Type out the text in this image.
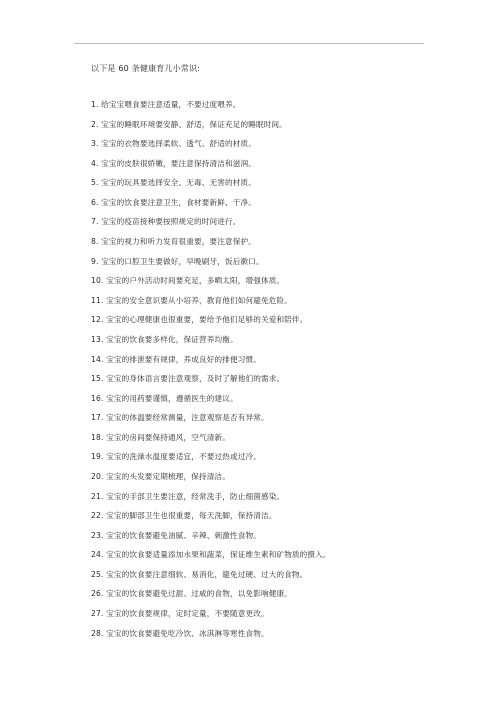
以下是 60 条健康育儿小常识:
1. 给宝宝喂食要注意适量，不要过度喂养。
2. 宝宝的睡眠环境要安静、舒适，保证充足的睡眠时间。
3. 宝宝的衣物要选择柔软、透气、舒适的材质。
4. 宝宝的皮肤很娇嫩，要注意保持清洁和滋润。
5. 宝宝的玩具要选择安全、无毒、无害的材质。
6. 宝宝的饮食要注意卫生，食材要新鲜、干净。
7. 宝宝的疫苗接种要按照规定的时间进行。
8. 宝宝的视力和听力发育很重要，要注意保护。
9. 宝宝的口腔卫生要做好，早晚刷牙，饭后漱口。
10. 宝宝的户外活动时间要充足，多晒太阳，增强体质。
11. 宝宝的安全意识要从小培养，教育他们如何避免危险。
12. 宝宝的心理健康也很重要，要给予他们足够的关爱和陪伴。
13. 宝宝的饮食要多样化，保证营养均衡。
14. 宝宝的排泄要有规律，养成良好的排便习惯。
15. 宝宝的身体语言要注意观察，及时了解他们的需求。
16. 宝宝的用药要谨慎，遵循医生的建议。
17. 宝宝的体温要经常测量，注意观察是否有异常。
18. 宝宝的房间要保持通风，空气清新。
19. 宝宝的洗澡水温度要适宜，不要过热或过冷。
20. 宝宝的头发要定期梳理，保持清洁。
21. 宝宝的手部卫生要注意，经常洗手，防止细菌感染。
22. 宝宝的脚部卫生也很重要，每天洗脚，保持清洁。
23. 宝宝的饮食要避免油腻、辛辣、刺激性食物。
24. 宝宝的饮食要适量添加水果和蔬菜，保证维生素和矿物质的摄入。
25. 宝宝的饮食要注意细软、易消化，避免过硬、过大的食物。
26. 宝宝的饮食要避免过甜、过咸的食物，以免影响健康。
27. 宝宝的饮食要规律，定时定量，不要随意更改。
28. 宝宝的饮食要避免吃冷饮、冰淇淋等寒性食物。
